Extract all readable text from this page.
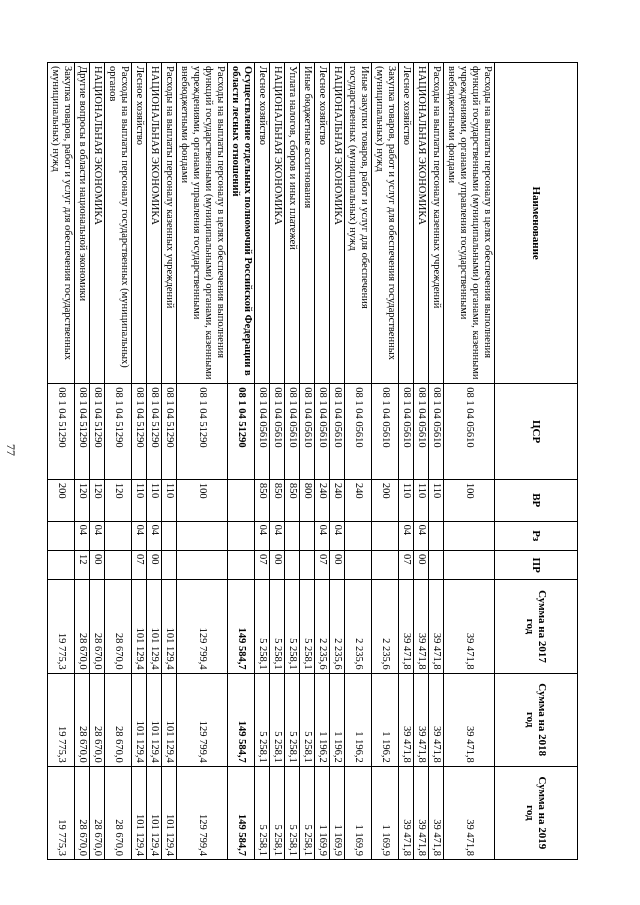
77
Наименование	ЦСР	ВР	Рз	ПР	Сумма на 2017 год	Сумма на 2018 год	Сумма на 2019 год
Расходы на выплаты персоналу в целях обеспечения выполнения функций государственными (муниципальными) органами, казенными учреждениями, органами управления государственными внебюджетными фондами	08 1 04 05610	100			39 471,8	39 471,8	39 471,8
Расходы на выплаты персоналу казенных учреждений	08 1 04 05610	110			39 471,8	39 471,8	39 471,8
НАЦИОНАЛЬНАЯ ЭКОНОМИКА	08 1 04 05610	110	04	00	39 471,8	39 471,8	39 471,8
Лесное хозяйство	08 1 04 05610	110	04	07	39 471,8	39 471,8	39 471,8
Закупка товаров, работ и услуг для обеспечения государственных (муниципальных) нужд	08 1 04 05610	200			2 235,6	1 196,2	1 169,9
Иные закупки товаров, работ и услуг для обеспечения государственных (муниципальных) нужд	08 1 04 05610	240			2 235,6	1 196,2	1 169,9
НАЦИОНАЛЬНАЯ ЭКОНОМИКА	08 1 04 05610	240	04	00	2 235,6	1 196,2	1 169,9
Лесное хозяйство	08 1 04 05610	240	04	07	2 235,6	1 196,2	1 169,9
Иные бюджетные ассигнования	08 1 04 05610	800			5 258,1	5 258,1	5 258,1
Уплата налогов, сборов и иных платежей	08 1 04 05610	850			5 258,1	5 258,1	5 258,1
НАЦИОНАЛЬНАЯ ЭКОНОМИКА	08 1 04 05610	850	04	00	5 258,1	5 258,1	5 258,1
Лесное хозяйство	08 1 04 05610	850	04	07	5 258,1	5 258,1	5 258,1
Осуществление отдельных полномочий Российской Федерации в области лесных отношений	08 1 04 51290				149 584,7	149 584,7	149 584,7
Расходы на выплаты персоналу в целях обеспечения выполнения функций государственными (муниципальными) органами, казенными учреждениями, органами управления государственными внебюджетными фондами	08 1 04 51290	100			129 799,4	129 799,4	129 799,4
Расходы на выплаты персоналу казенных учреждений	08 1 04 51290	110			101 129,4	101 129,4	101 129,4
НАЦИОНАЛЬНАЯ ЭКОНОМИКА	08 1 04 51290	110	04	00	101 129,4	101 129,4	101 129,4
Лесное хозяйство	08 1 04 51290	110	04	07	101 129,4	101 129,4	101 129,4
Расходы на выплаты персоналу государственных (муниципальных) органов	08 1 04 51290	120			28 670,0	28 670,0	28 670,0
НАЦИОНАЛЬНАЯ ЭКОНОМИКА	08 1 04 51290	120	04	00	28 670,0	28 670,0	28 670,0
Другие вопросы в области национальной экономики	08 1 04 51290	120	04	12	28 670,0	28 670,0	28 670,0
Закупка товаров, работ и услуг для обеспечения государственных (муниципальных) нужд	08 1 04 51290	200			19 775,3	19 775,3	19 775,3
